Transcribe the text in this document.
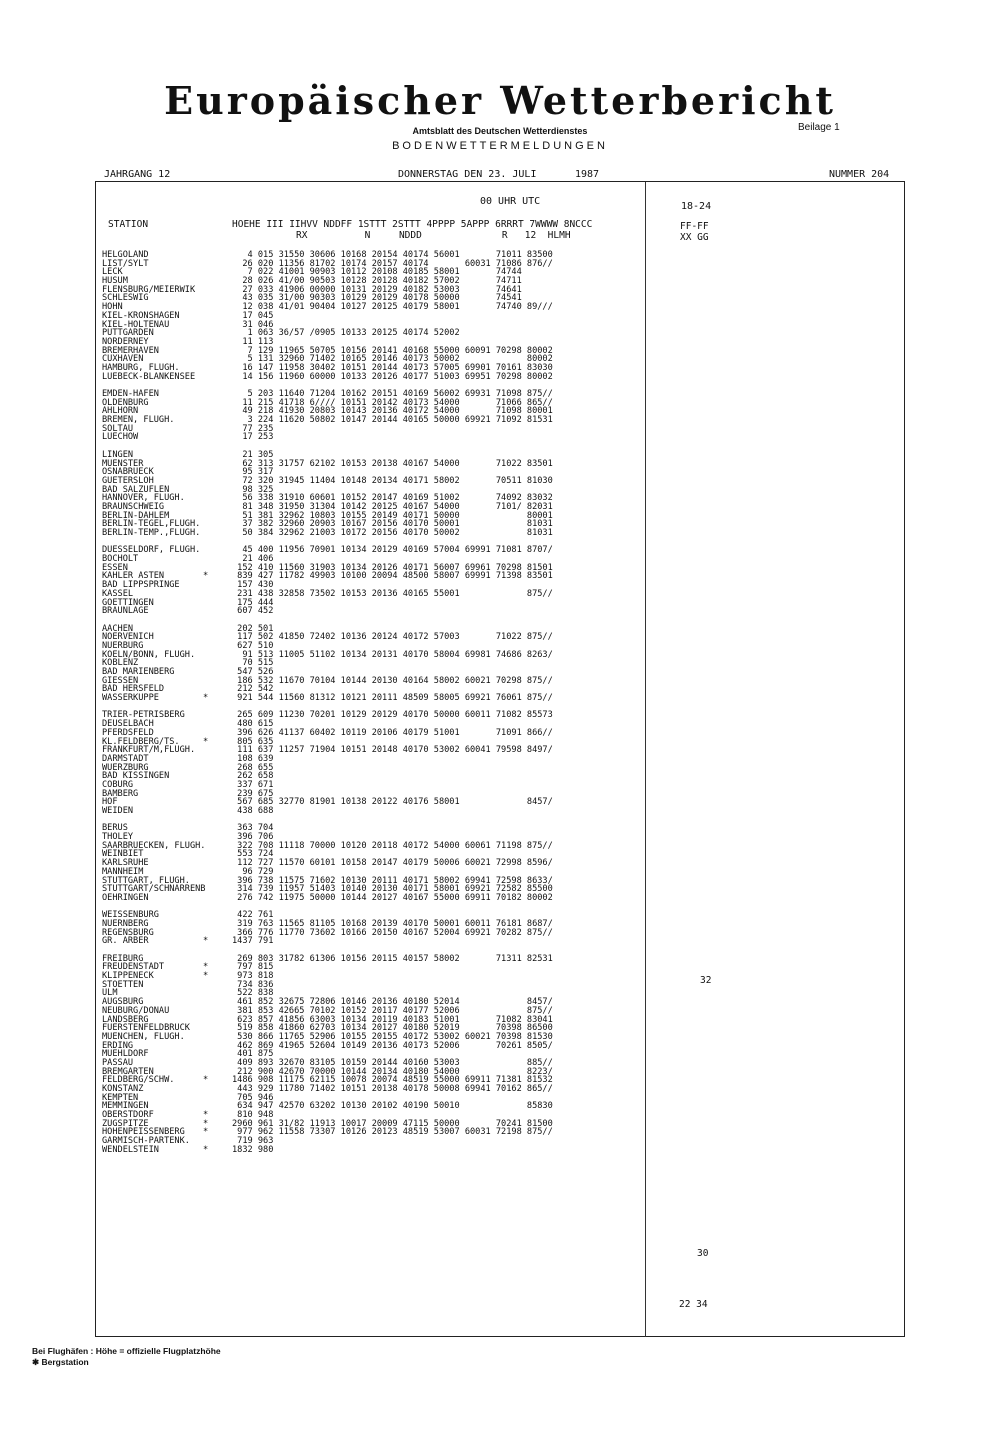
Europäischer Wetterbericht
Amtsblatt des Deutschen Wetterdienstes
BODENWETTERMELDUNGEN
Beilage 1
JAHRGANG 12	DONNERSTAG DEN 23. JULI	1987	NUMMER 204
00 UHR UTC	18-24
STATION	HOEHE III IIHVV NDDFF 1STTT 2STTT 4PPPP 5APPP 6RRRT 7WWWW 8NCCC
RX          N     NDDD              R   12  HLMH
FF-FF
XX GG
HELGOLAND	4 015 31550 30606 10168 20154 40174 56001       71011 83500
LIST/SYLT	26 020 11356 81702 10174 20157 40174       60031 71086 876//
LECK	7 022 41001 90903 10112 20108 40185 58001       74744
HUSUM	28 026 41/00 90503 10128 20128 40182 57002       74711
FLENSBURG/MEIERWIK	27 033 41906 00000 10131 20129 40182 53003       74641
SCHLESWIG	43 035 31/00 90303 10129 20129 40178 50000       74541
HOHN	12 038 41/01 90404 10127 20125 40179 58001       74740 89///
KIEL-KRONSHAGEN	17 045
KIEL-HOLTENAU	31 046
PUTTGARDEN	1 063 36/57 /0905 10133 20125 40174 52002
NORDERNEY	11 113
BREMERHAVEN	7 129 11965 50705 10156 20141 40168 55000 60091 70298 80002
CUXHAVEN	5 131 32960 71402 10165 20146 40173 50002             80002
HAMBURG, FLUGH.	16 147 11958 30402 10151 20144 40173 57005 69901 70161 83030
LUEBECK-BLANKENSEE	14 156 11960 60000 10133 20126 40177 51003 69951 70298 80002
EMDEN-HAFEN	5 203 11640 71204 10162 20151 40169 56002 69931 71098 875//
OLDENBURG	11 215 41718 6//// 10151 20142 40173 54000       71066 865//
AHLHORN	49 218 41930 20803 10143 20136 40172 54000       71098 80001
BREMEN, FLUGH.	3 224 11620 50802 10147 20144 40165 50000 69921 71092 81531
SOLTAU	77 235
LUECHOW	17 253
LINGEN	21 305
MUENSTER	62 313 31757 62102 10153 20138 40167 54000       71022 83501
OSNABRUECK	95 317
GUETERSLOH	72 320 31945 11404 10148 20134 40171 58002       70511 81030
BAD SALZUFLEN	98 325
HANNOVER, FLUGH.	56 338 31910 60601 10152 20147 40169 51002       74092 83032
BRAUNSCHWEIG	81 348 31950 31304 10142 20125 40167 54000       7101/ 82031
BERLIN-DAHLEM	51 381 32962 10803 10155 20149 40171 50000             80001
BERLIN-TEGEL,FLUGH.	37 382 32960 20903 10167 20156 40170 50001             81031
BERLIN-TEMP.,FLUGH.	50 384 32962 21003 10172 20156 40170 50002             81031
DUESSELDORF, FLUGH.	45 400 11956 70901 10134 20129 40169 57004 69991 71081 8707/
BOCHOLT	21 406
ESSEN	152 410 11560 31903 10134 20126 40171 56007 69961 70298 81501
KAHLER ASTEN	*	839 427 11782 49903 10100 20094 48500 58007 69991 71398 83501
BAD LIPPSPRINGE	157 430
KASSEL	231 438 32858 73502 10153 20136 40165 55001             875//
GOETTINGEN	175 444
BRAUNLAGE	607 452
AACHEN	202 501
NOERVENICH	117 502 41850 72402 10136 20124 40172 57003       71022 875//
NUERBURG	627 510
KOELN/BONN, FLUGH.	91 513 11005 51102 10134 20131 40170 58004 69981 74686 8263/
KOBLENZ	70 515
BAD MARIENBERG	547 526
GIESSEN	186 532 11670 70104 10144 20130 40164 58002 60021 70298 875//
BAD HERSFELD	212 542
WASSERKUPPE	*	921 544 11560 81312 10121 20111 48509 58005 69921 76061 875//
TRIER-PETRISBERG	265 609 11230 70201 10129 20129 40170 50000 60011 71082 85573
DEUSELBACH	480 615
PFERDSFELD	396 626 41137 60402 10119 20106 40179 51001       71091 866//
KL.FELDBERG/TS.	*	805 635
FRANKFURT/M,FLUGH.	111 637 11257 71904 10151 20148 40170 53002 60041 79598 8497/
DARMSTADT	108 639
WUERZBURG	268 655
BAD KISSINGEN	262 658
COBURG	337 671
BAMBERG	239 675
HOF	567 685 32770 81901 10138 20122 40176 58001             8457/
WEIDEN	438 688
BERUS	363 704
THOLEY	396 706
SAARBRUECKEN, FLUGH.	322 708 11118 70000 10120 20118 40172 54000 60061 71198 875//
WEINBIET	553 724
KARLSRUHE	112 727 11570 60101 10158 20147 40179 50006 60021 72998 8596/
MANNHEIM	96 729
STUTTGART, FLUGH.	396 738 11575 71602 10130 20111 40171 58002 69941 72598 8633/
STUTTGART/SCHNARRENB	314 739 11957 51403 10140 20130 40171 58001 69921 72582 85500
OEHRINGEN	276 742 11975 50000 10144 20127 40167 55000 69911 70182 80002
WEISSENBURG	422 761
NUERNBERG	319 763 11565 81105 10168 20139 40170 50001 60011 76181 8687/
REGENSBURG	366 776 11770 73602 10166 20150 40167 52004 69921 70282 875//
GR. ARBER	*	1437 791
FREIBURG	269 803 31782 61306 10156 20115 40157 58002       71311 82531
FREUDENSTADT	*	797 815
KLIPPENECK	*	973 818
STOETTEN	734 836
ULM	522 838
AUGSBURG	461 852 32675 72806 10146 20136 40180 52014             8457/
NEUBURG/DONAU	381 853 42665 70102 10152 20117 40177 52006             875//
LANDSBERG	623 857 41856 63003 10134 20119 40183 51001       71082 83041
FUERSTENFELDBRUCK	519 858 41860 62703 10134 20127 40180 52019       70398 86500
MUENCHEN, FLUGH.	530 866 11765 52906 10155 20155 40172 53002 60021 70398 81530
ERDING	462 869 41965 52604 10149 20136 40173 52006       70261 8505/
MUEHLDORF	401 875
PASSAU	409 893 32670 83105 10159 20144 40160 53003             885//
BREMGARTEN	212 900 42670 70000 10144 20134 40180 54000             8223/
FELDBERG/SCHW.	*	1486 908 11175 62115 10078 20074 48519 55000 69911 71381 81532
KONSTANZ	443 929 11780 71402 10151 20138 40178 50008 69941 70162 865//
KEMPTEN	705 946
MEMMINGEN	634 947 42570 63202 10130 20102 40190 50010             85830
OBERSTDORF	*	810 948
ZUGSPITZE	*	2960 961 31/82 11913 10017 20009 47115 50000       70241 81500
HOHENPEISSENBERG *	977 962 11558 73307 10126 20123 48519 53007 60031 72198 875//
GARMISCH-PARTENK.	719 963
WENDELSTEIN	*	1832 980
32
30
22 34
Bei Flughäfen : Höhe = offizielle Flugplatzhöhe
✱ Bergstation
